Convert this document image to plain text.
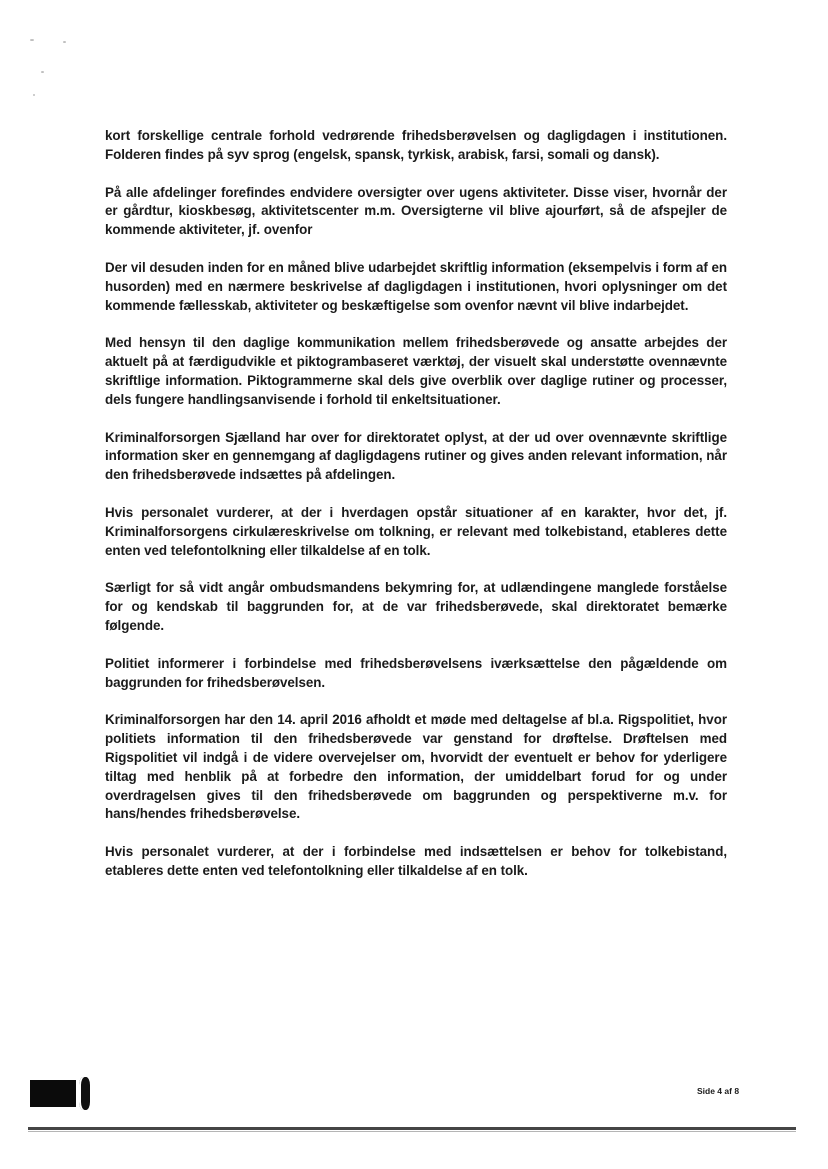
kort forskellige centrale forhold vedrørende frihedsberøvelsen og dagligdagen i institutionen. Folderen findes på syv sprog (engelsk, spansk, tyrkisk, arabisk, farsi, somali og dansk).

På alle afdelinger forefindes endvidere oversigter over ugens aktiviteter. Disse viser, hvornår der er gårdtur, kioskbesøg, aktivitetscenter m.m. Oversigterne vil blive ajourført, så de afspejler de kommende aktiviteter, jf. ovenfor

Der vil desuden inden for en måned blive udarbejdet skriftlig information (eksempelvis i form af en husorden) med en nærmere beskrivelse af dagligdagen i institutionen, hvori oplysninger om det kommende fællesskab, aktiviteter og beskæftigelse som ovenfor nævnt vil blive indarbejdet.

Med hensyn til den daglige kommunikation mellem frihedsberøvede og ansatte arbejdes der aktuelt på at færdigudvikle et piktogrambaseret værktøj, der visuelt skal understøtte ovennævnte skriftlige information. Piktogrammerne skal dels give overblik over daglige rutiner og processer, dels fungere handlingsanvisende i forhold til enkeltsituationer.

Kriminalforsorgen Sjælland har over for direktoratet oplyst, at der ud over ovennævnte skriftlige information sker en gennemgang af dagligdagens rutiner og gives anden relevant information, når den frihedsberøvede indsættes på afdelingen.

Hvis personalet vurderer, at der i hverdagen opstår situationer af en karakter, hvor det, jf. Kriminalforsorgens cirkulæreskrivelse om tolkning, er relevant med tolkebistand, etableres dette enten ved telefontolkning eller tilkaldelse af en tolk.

Særligt for så vidt angår ombudsmandens bekymring for, at udlændingene manglede forståelse for og kendskab til baggrunden for, at de var frihedsberøvede, skal direktoratet bemærke følgende.

Politiet informerer i forbindelse med frihedsberøvelsens iværksættelse den pågældende om baggrunden for frihedsberøvelsen.

Kriminalforsorgen har den 14. april 2016 afholdt et møde med deltagelse af bl.a. Rigspolitiet, hvor politiets information til den frihedsberøvede var genstand for drøftelse. Drøftelsen med Rigspolitiet vil indgå i de videre overvejelser om, hvorvidt der eventuelt er behov for yderligere tiltag med henblik på at forbedre den information, der umiddelbart forud for og under overdragelsen gives til den frihedsberøvede om baggrunden og perspektiverne m.v. for hans/hendes frihedsberøvelse.

Hvis personalet vurderer, at der i forbindelse med indsættelsen er behov for tolkebistand, etableres dette enten ved telefontolkning eller tilkaldelse af en tolk.

Side 4 af 8
